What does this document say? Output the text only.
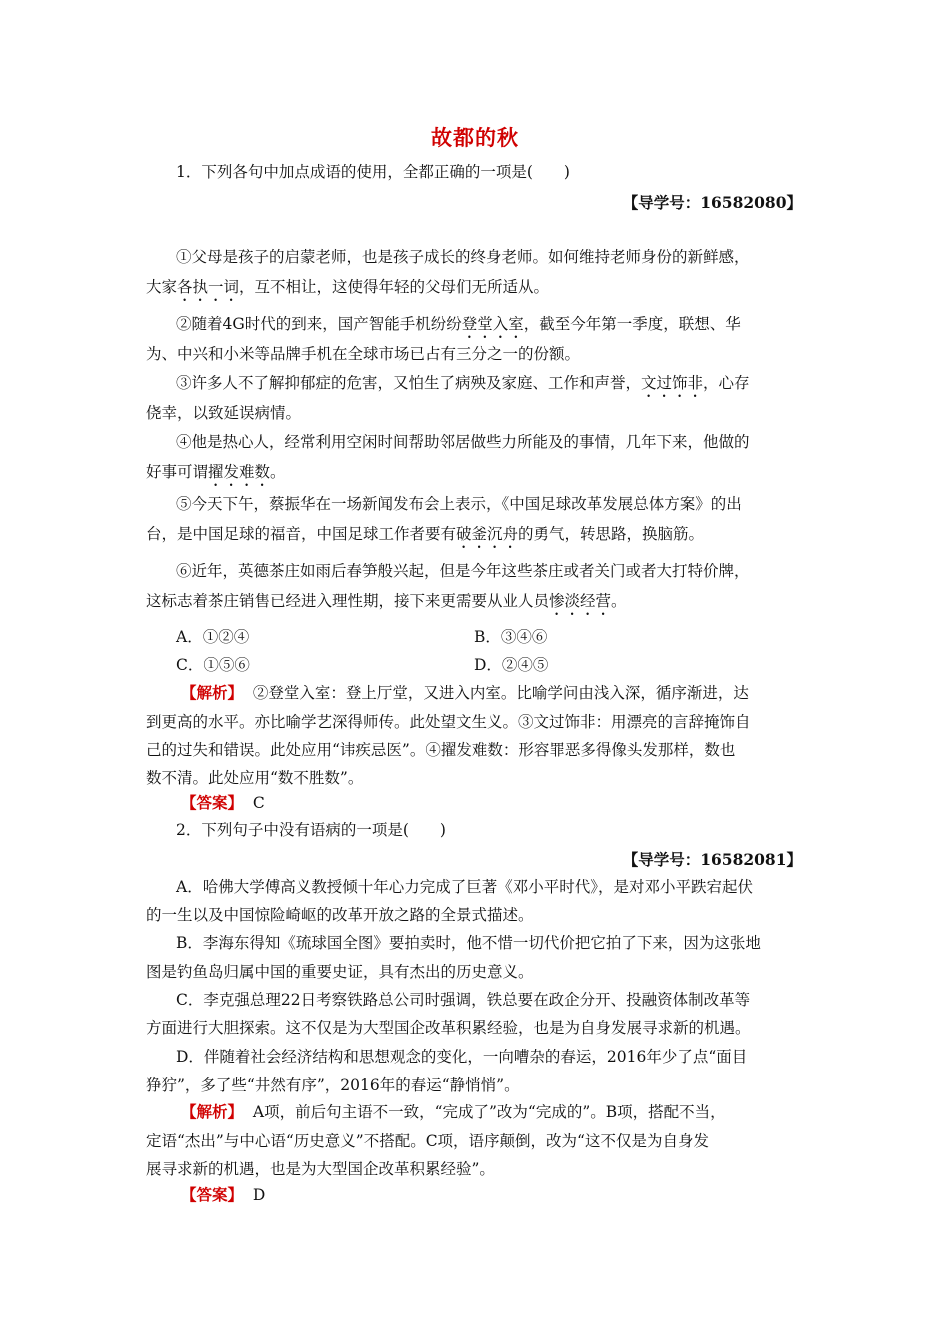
故都的秋
1．下列各句中加点成语的使用，全都正确的一项是(　　)
【导学号：16582080】
①父母是孩子的启蒙老师，也是孩子成长的终身老师。如何维持老师身份的新鲜感，
大家各执一词，互不相让，这使得年轻的父母们无所适从。
②随着4G时代的到来，国产智能手机纷纷登堂入室，截至今年第一季度，联想、华
为、中兴和小米等品牌手机在全球市场已占有三分之一的份额。
③许多人不了解抑郁症的危害，又怕生了病殃及家庭、工作和声誉，文过饰非，心存
侥幸，以致延误病情。
④他是热心人，经常利用空闲时间帮助邻居做些力所能及的事情，几年下来，他做的
好事可谓擢发难数。
⑤今天下午，蔡振华在一场新闻发布会上表示，《中国足球改革发展总体方案》的出
台，是中国足球的福音，中国足球工作者要有破釜沉舟的勇气，转思路，换脑筋。
⑥近年，英德茶庄如雨后春笋般兴起，但是今年这些茶庄或者关门或者大打特价牌，
这标志着茶庄销售已经进入理性期，接下来更需要从业人员惨淡经营。
A．①②④	B．③④⑥
C．①⑤⑥	D．②④⑤
【解析】 ②登堂入室：登上厅堂，又进入内室。比喻学问由浅入深，循序渐进，达
到更高的水平。亦比喻学艺深得师传。此处望文生义。③文过饰非：用漂亮的言辞掩饰自
己的过失和错误。此处应用“讳疾忌医”。④擢发难数：形容罪恶多得像头发那样，数也
数不清。此处应用“数不胜数”。
【答案】 C
2．下列句子中没有语病的一项是(　　)
【导学号：16582081】
A．哈佛大学傅高义教授倾十年心力完成了巨著《邓小平时代》，是对邓小平跌宕起伏
的一生以及中国惊险崎岖的改革开放之路的全景式描述。
B．李海东得知《琉球国全图》要拍卖时，他不惜一切代价把它拍了下来，因为这张地
图是钓鱼岛归属中国的重要史证，具有杰出的历史意义。
C．李克强总理22日考察铁路总公司时强调，铁总要在政企分开、投融资体制改革等
方面进行大胆探索。这不仅是为大型国企改革积累经验，也是为自身发展寻求新的机遇。
D．伴随着社会经济结构和思想观念的变化，一向嘈杂的春运，2016年少了点“面目
狰狞”，多了些“井然有序”，2016年的春运“静悄悄”。
【解析】 A项，前后句主语不一致，“完成了”改为“完成的”。B项，搭配不当，
定语“杰出”与中心语“历史意义”不搭配。C项，语序颠倒，改为“这不仅是为自身发
展寻求新的机遇，也是为大型国企改革积累经验”。
【答案】 D
